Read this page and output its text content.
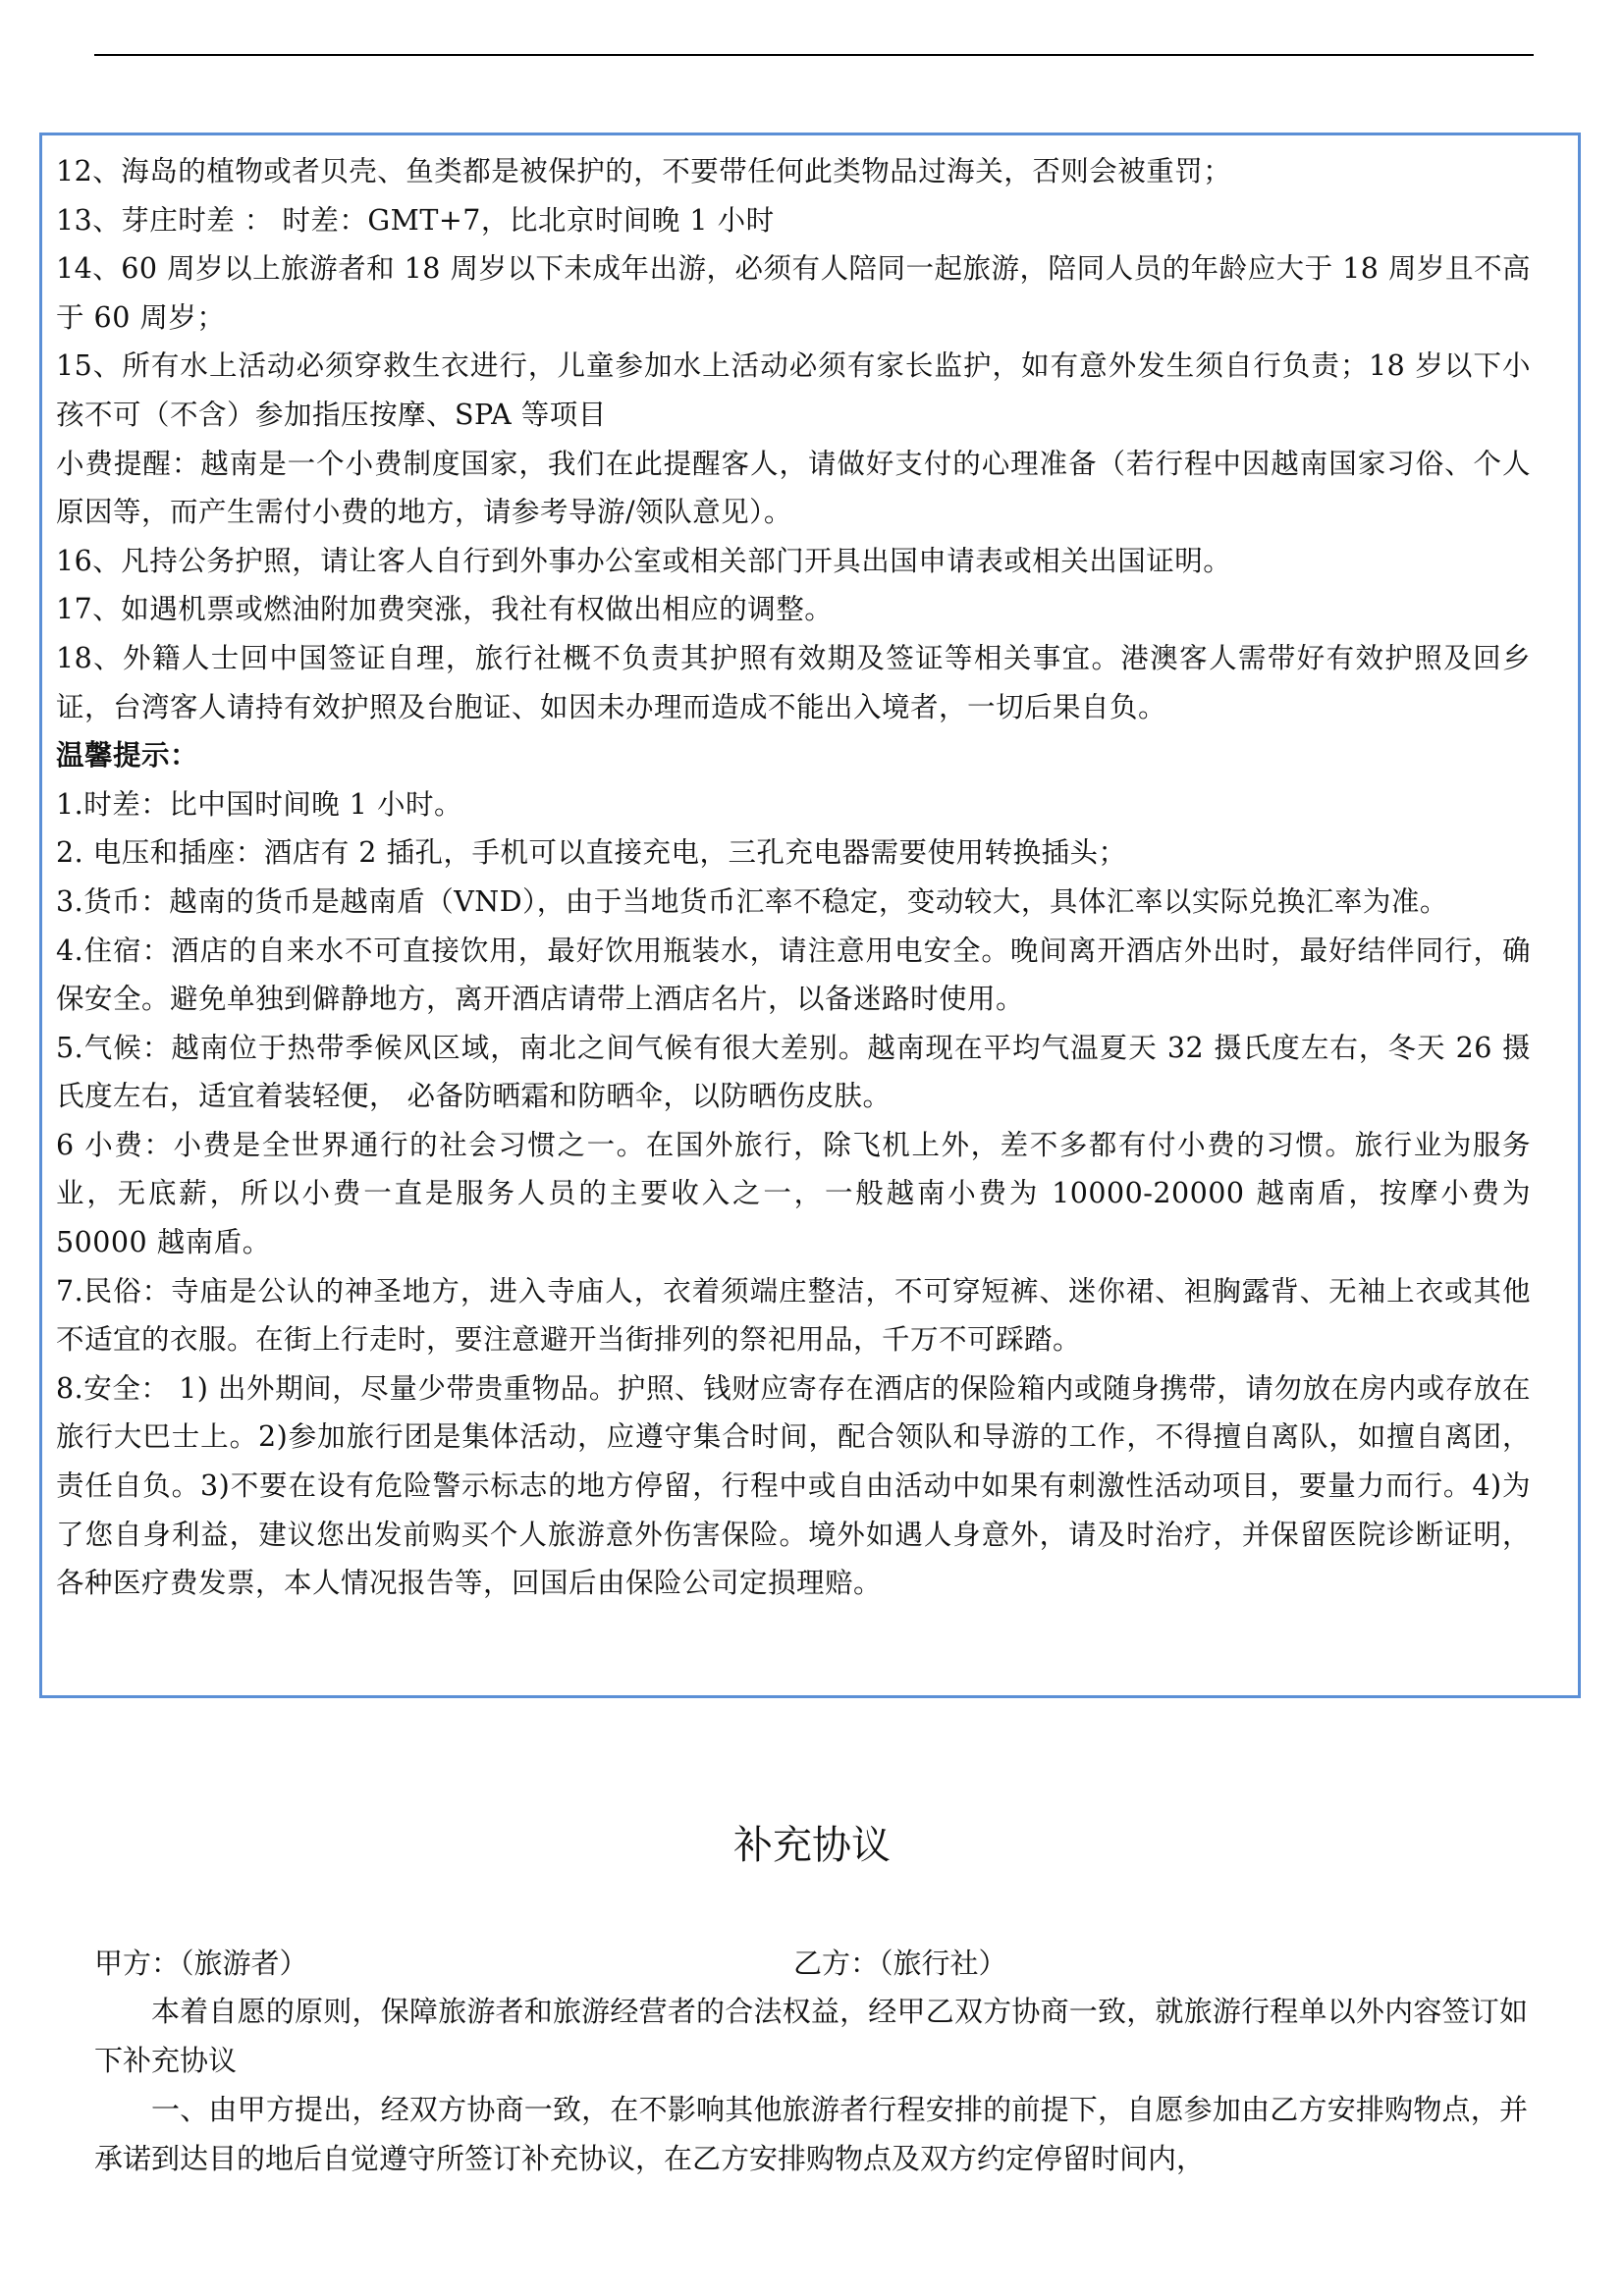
12、海岛的植物或者贝壳、鱼类都是被保护的，不要带任何此类物品过海关，否则会被重罚；

13、芽庄时差 ： 时差：GMT+7，比北京时间晚 1 小时

14、60 周岁以上旅游者和 18 周岁以下未成年出游，必须有人陪同一起旅游，陪同人员的年龄应大于 18 周岁且不高于 60 周岁；

15、所有水上活动必须穿救生衣进行，儿童参加水上活动必须有家长监护，如有意外发生须自行负责；18 岁以下小孩不可（不含）参加指压按摩、SPA 等项目

小费提醒：越南是一个小费制度国家，我们在此提醒客人，请做好支付的心理准备（若行程中因越南国家习俗、个人原因等，而产生需付小费的地方，请参考导游/领队意见）。

16、凡持公务护照，请让客人自行到外事办公室或相关部门开具出国申请表或相关出国证明。

17、如遇机票或燃油附加费突涨，我社有权做出相应的调整。

18、外籍人士回中国签证自理，旅行社概不负责其护照有效期及签证等相关事宜。港澳客人需带好有效护照及回乡证，台湾客人请持有效护照及台胞证、如因未办理而造成不能出入境者，一切后果自负。

温馨提示：

1.时差：比中国时间晚 1 小时。

2. 电压和插座：酒店有 2 插孔，手机可以直接充电，三孔充电器需要使用转换插头；

3.货币：越南的货币是越南盾（VND），由于当地货币汇率不稳定，变动较大，具体汇率以实际兑换汇率为准。

4.住宿：酒店的自来水不可直接饮用，最好饮用瓶装水，请注意用电安全。晚间离开酒店外出时，最好结伴同行，确保安全。避免单独到僻静地方，离开酒店请带上酒店名片，以备迷路时使用。

5.气候：越南位于热带季候风区域，南北之间气候有很大差别。越南现在平均气温夏天 32 摄氏度左右，冬天 26 摄氏度左右，适宜着装轻便， 必备防晒霜和防晒伞，以防晒伤皮肤。

6 小费：小费是全世界通行的社会习惯之一。在国外旅行，除飞机上外，差不多都有付小费的习惯。旅行业为服务业，无底薪，所以小费一直是服务人员的主要收入之一，一般越南小费为 10000-20000 越南盾，按摩小费为 50000 越南盾。

7.民俗：寺庙是公认的神圣地方，进入寺庙人，衣着须端庄整洁，不可穿短裤、迷你裙、袒胸露背、无袖上衣或其他不适宜的衣服。在街上行走时，要注意避开当街排列的祭祀用品，千万不可踩踏。

8.安全： 1) 出外期间，尽量少带贵重物品。护照、钱财应寄存在酒店的保险箱内或随身携带，请勿放在房内或存放在旅行大巴士上。2)参加旅行团是集体活动，应遵守集合时间，配合领队和导游的工作，不得擅自离队，如擅自离团，责任自负。3)不要在设有危险警示标志的地方停留，行程中或自由活动中如果有刺激性活动项目，要量力而行。4)为了您自身利益，建议您出发前购买个人旅游意外伤害保险。境外如遇人身意外，请及时治疗，并保留医院诊断证明，各种医疗费发票，本人情况报告等，回国后由保险公司定损理赔。

补充协议
甲方：（旅游者）	乙方：（旅行社）

本着自愿的原则，保障旅游者和旅游经营者的合法权益，经甲乙双方协商一致，就旅游行程单以外内容签订如下补充协议

一、由甲方提出，经双方协商一致，在不影响其他旅游者行程安排的前提下，自愿参加由乙方安排购物点，并承诺到达目的地后自觉遵守所签订补充协议，在乙方安排购物点及双方约定停留时间内，
